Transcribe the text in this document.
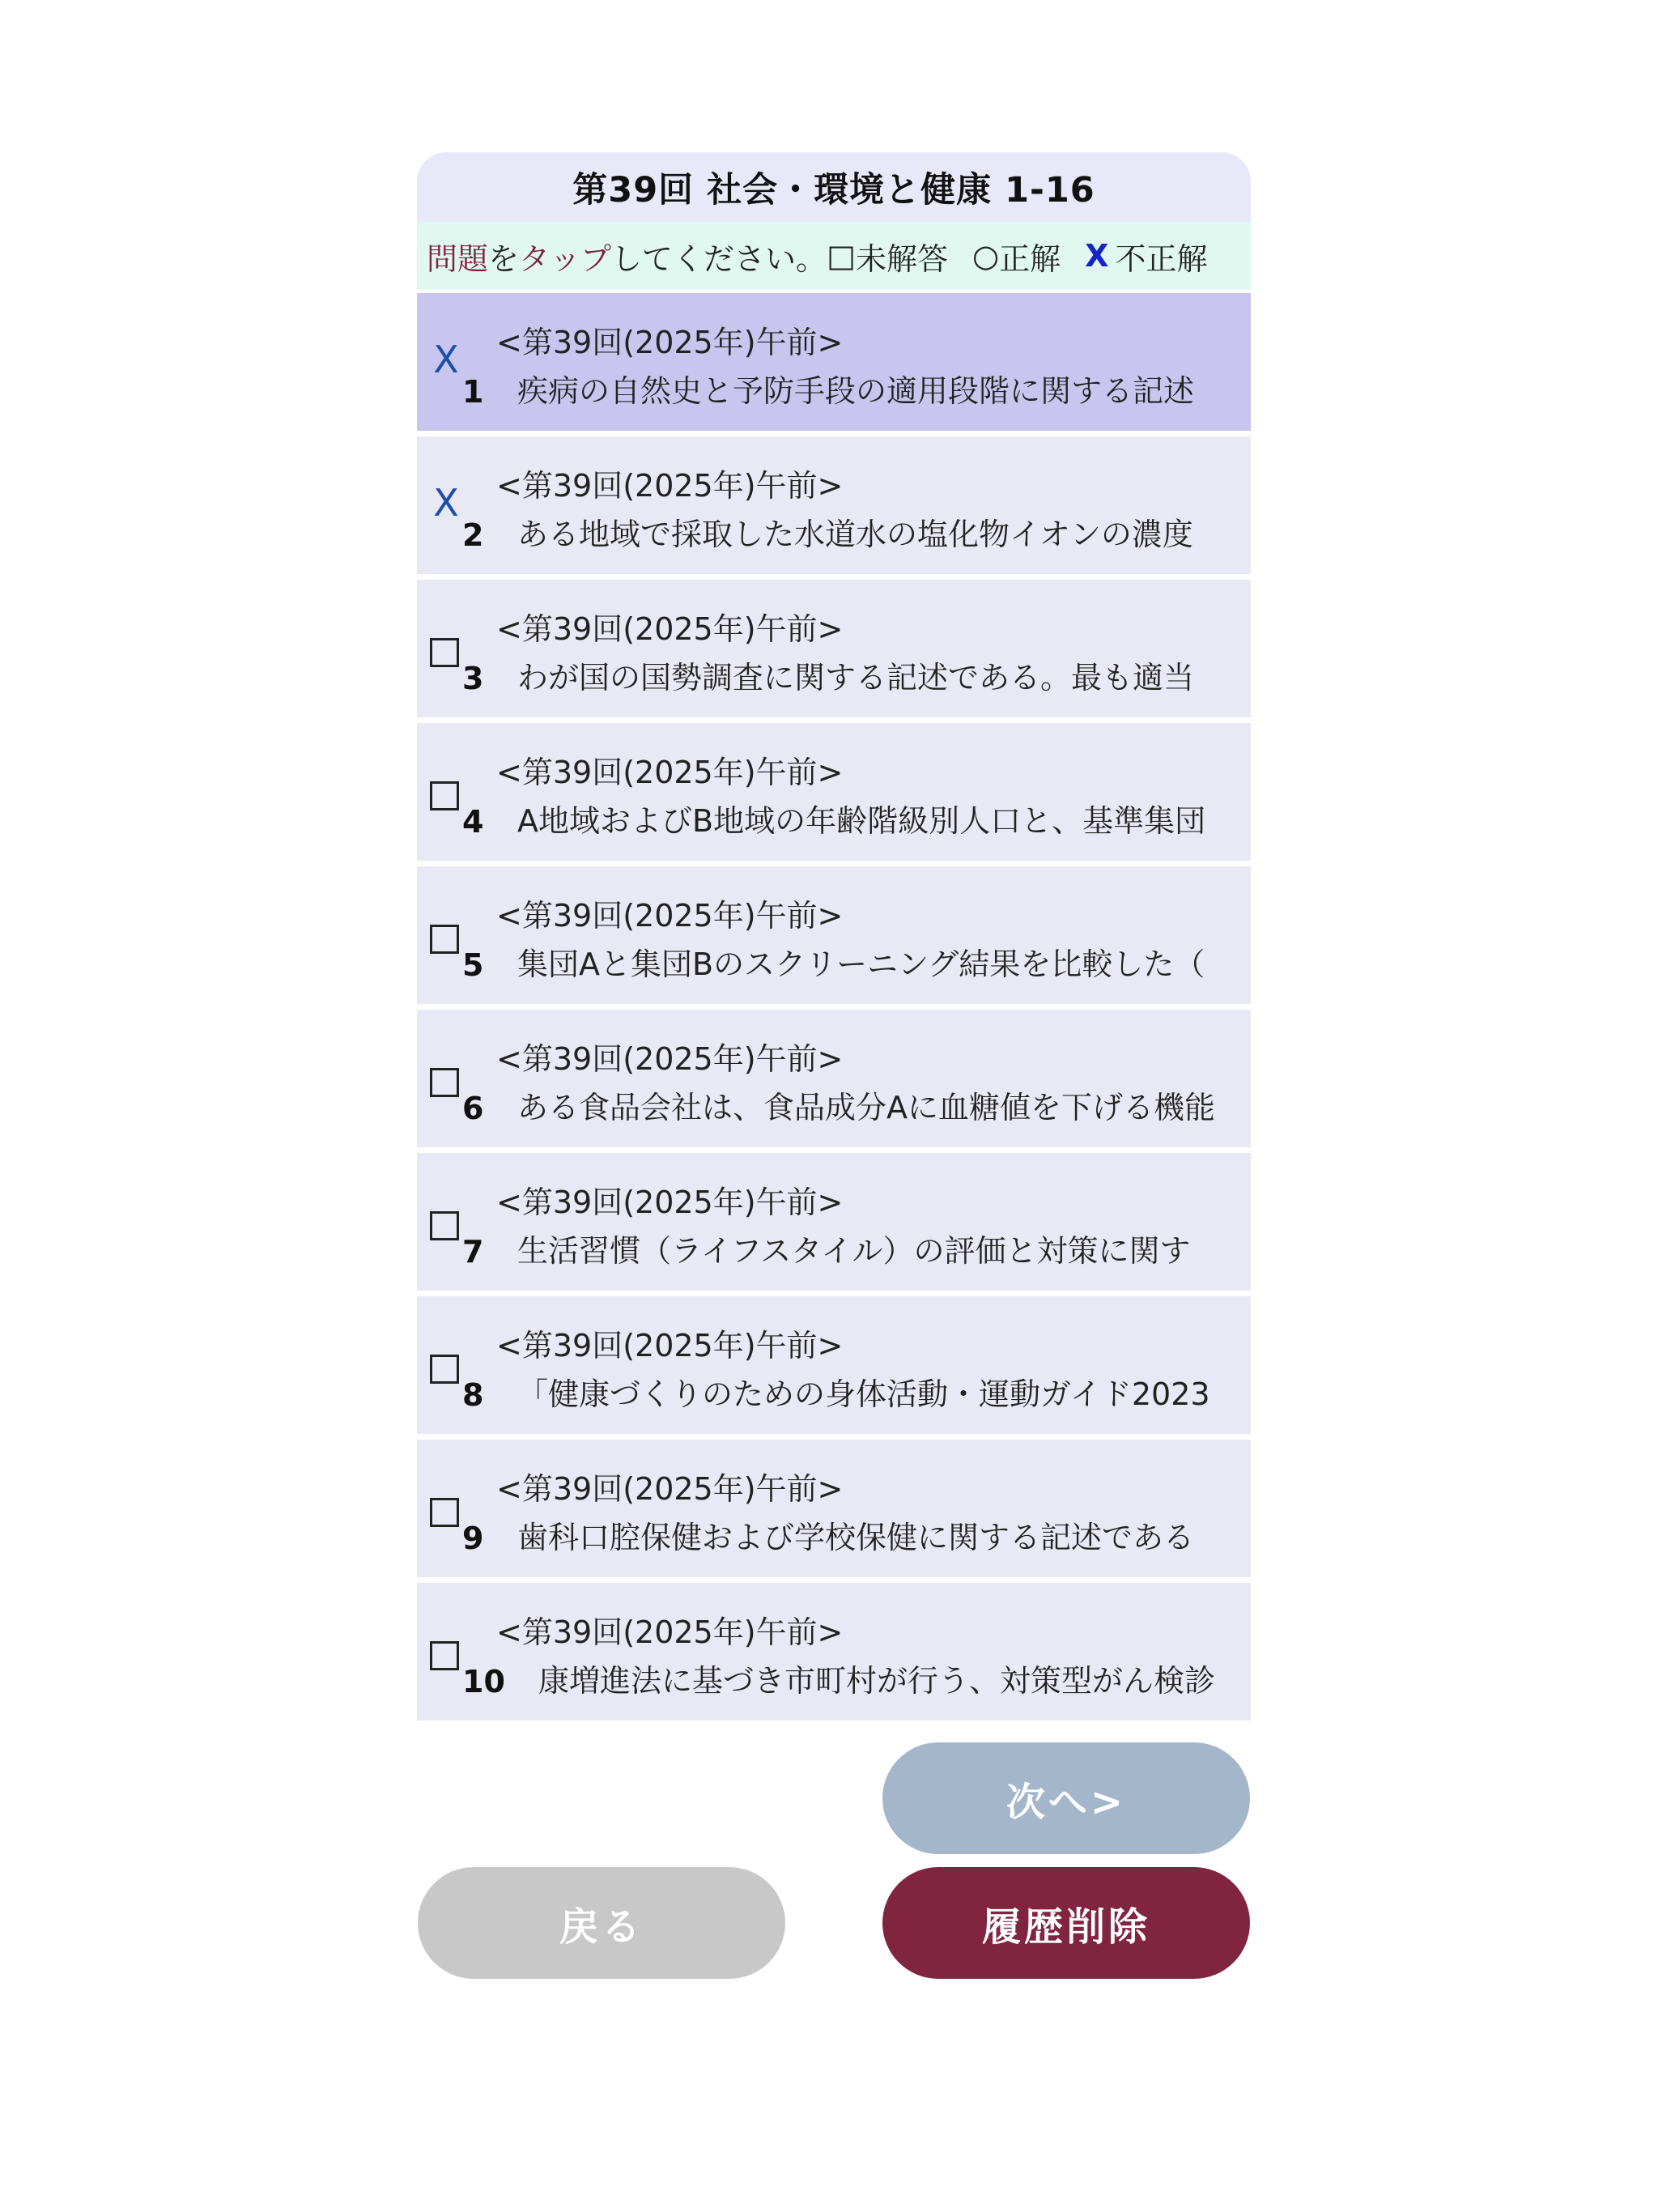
第39回 社会・環境と健康 1-16
問題 を タップ してください。 □ 未解答 ○ 正解 X 不正解
X
1
<第39回(2025年)午前>
疾病の自然史と予防手段の適用段階に関する記述
X
2
<第39回(2025年)午前>
ある地域で採取した水道水の塩化物イオンの濃度
3
<第39回(2025年)午前>
わが国の国勢調査に関する記述である。最も適当
4
<第39回(2025年)午前>
A地域およびB地域の年齢階級別人口と、基準集団
5
<第39回(2025年)午前>
集団Aと集団Bのスクリーニング結果を比較した（
6
<第39回(2025年)午前>
ある食品会社は、食品成分Aに血糖値を下げる機能
7
<第39回(2025年)午前>
生活習慣（ライフスタイル）の評価と対策に関す
8
<第39回(2025年)午前>
「健康づくりのための身体活動・運動ガイド2023
9
<第39回(2025年)午前>
歯科口腔保健および学校保健に関する記述である
10
<第39回(2025年)午前>
康増進法に基づき市町村が行う、対策型がん検診
次へ>
戻る	履歴削除
